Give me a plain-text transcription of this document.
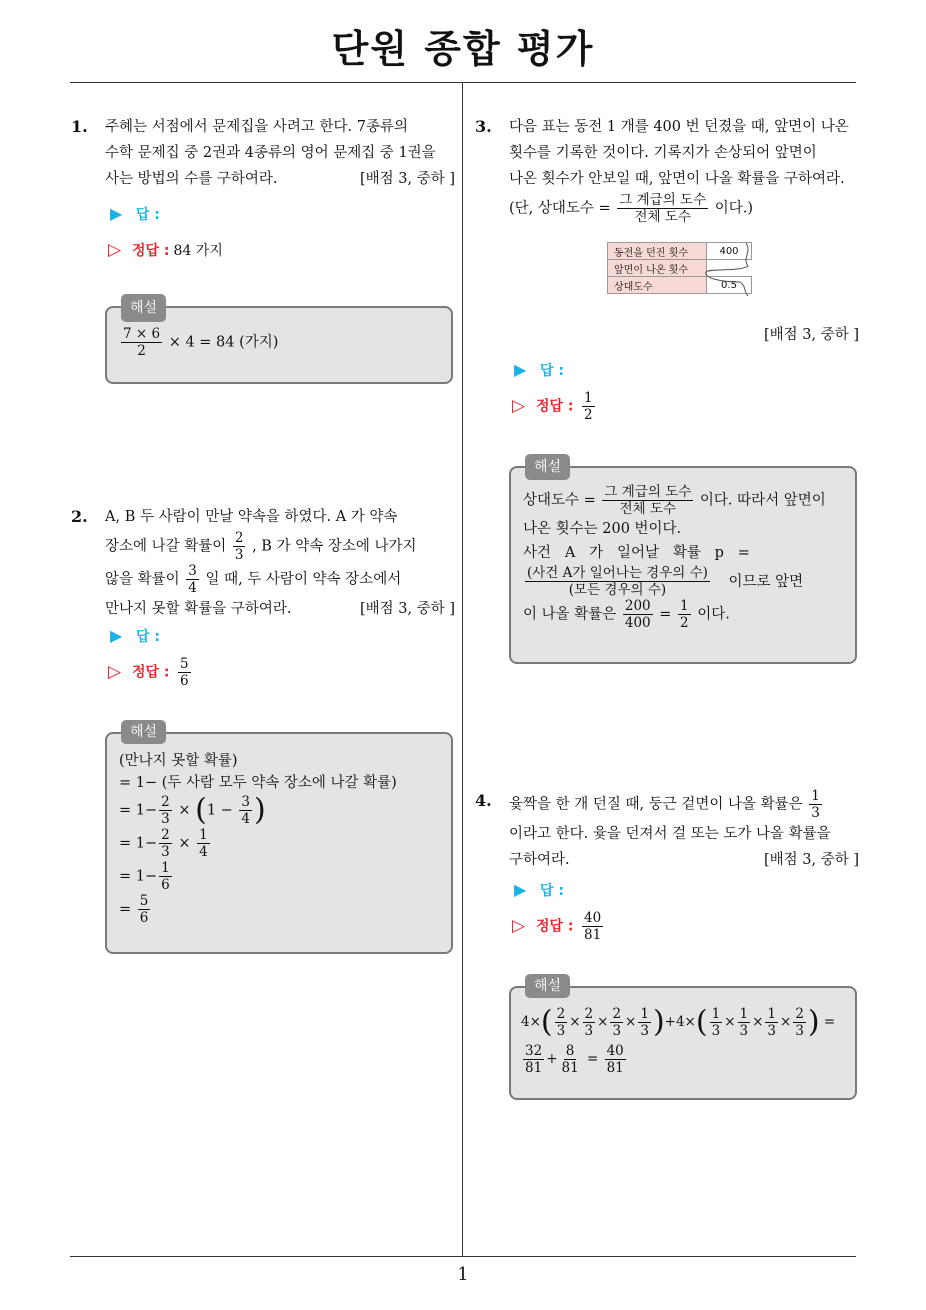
단원 종합 평가
1
1. 주혜는 서점에서 문제집을 사려고 한다. 7종류의
수학 문제집 중 2권과 4종류의 영어 문제집 중 1권을
사는 방법의 수를 구하여라.	[배점 3, 중하 ]
▶ 답 :
▷ 정답 : 84 가지
해설
$\frac{7 \times 6}{2} \times 4 = 84$ (가지)
2. A, B 두 사람이 만날 약속을 하였다. A 가 약속
장소에 나갈 확률이 $\frac{2}{3}$ , B 가 약속 장소에 나가지
않을 확률이 $\frac{3}{4}$ 일 때, 두 사람이 약속 장소에서
만나지 못할 확률을 구하여라.	[배점 3, 중하 ]
▶ 답 :
▷ 정답 : $\frac{5}{6}$
해설
(만나지 못할 확률)
= 1− (두 사람 모두 약속 장소에 나갈 확률)
= $1- \frac{2}{3} \times (1 - \frac{3}{4}$ )
= $1- \frac{2}{3} \times \frac{1}{4}$
= $1- \frac{1}{6}$
= $\frac{5}{6}$
3. 다음 표는 동전 1 개를 400 번 던졌을 때, 앞면이 나온
횟수를 기록한 것이다. 기록지가 손상되어 앞면이
나온 횟수가 안보일 때, 앞면이 나올 확률을 구하여라.
(단, 상대도수 = $\frac{\text{그 계급의 도수}}{\text{전체 도수}}$ 이다.)
동전을 던진 횟수	400
앞면이 나온 횟수	
상대도수	0.5
[배점 3, 중하 ]
▶ 답 :
▷ 정답 : $\frac{1}{2}$
해설
상대도수 = $\frac{\text{그 계급의 도수}}{\text{전체 도수}}$ 이다. 따라서 앞면이
나온 횟수는 200 번이다.
사건   A   가   일어날   확률   p   =
$\frac{\text{(사건 A가 일어나는 경우의 수)}}{\text{(모든 경우의 수)}}$ 이므로 앞면
이 나올 확률은 $\frac{200}{400} = \frac{1}{2}$ 이다.
4. 윷짝을 한 개 던질 때, 둥근 겉면이 나올 확률은 $\frac{1}{3}$
이라고 한다. 윷을 던져서 걸 또는 도가 나올 확률을
구하여라.	[배점 3, 중하 ]
▶ 답 :
▷ 정답 : $\frac{40}{81}$
해설
$4\times( \frac{2}{3} \times \frac{2}{3} \times \frac{2}{3} \times \frac{1}{3} )+4\times( \frac{1}{3} \times \frac{1}{3} \times \frac{1}{3} \times \frac{2}{3}$ ) =
$\frac{32}{81} + \frac{8}{81} = \frac{40}{81}$
